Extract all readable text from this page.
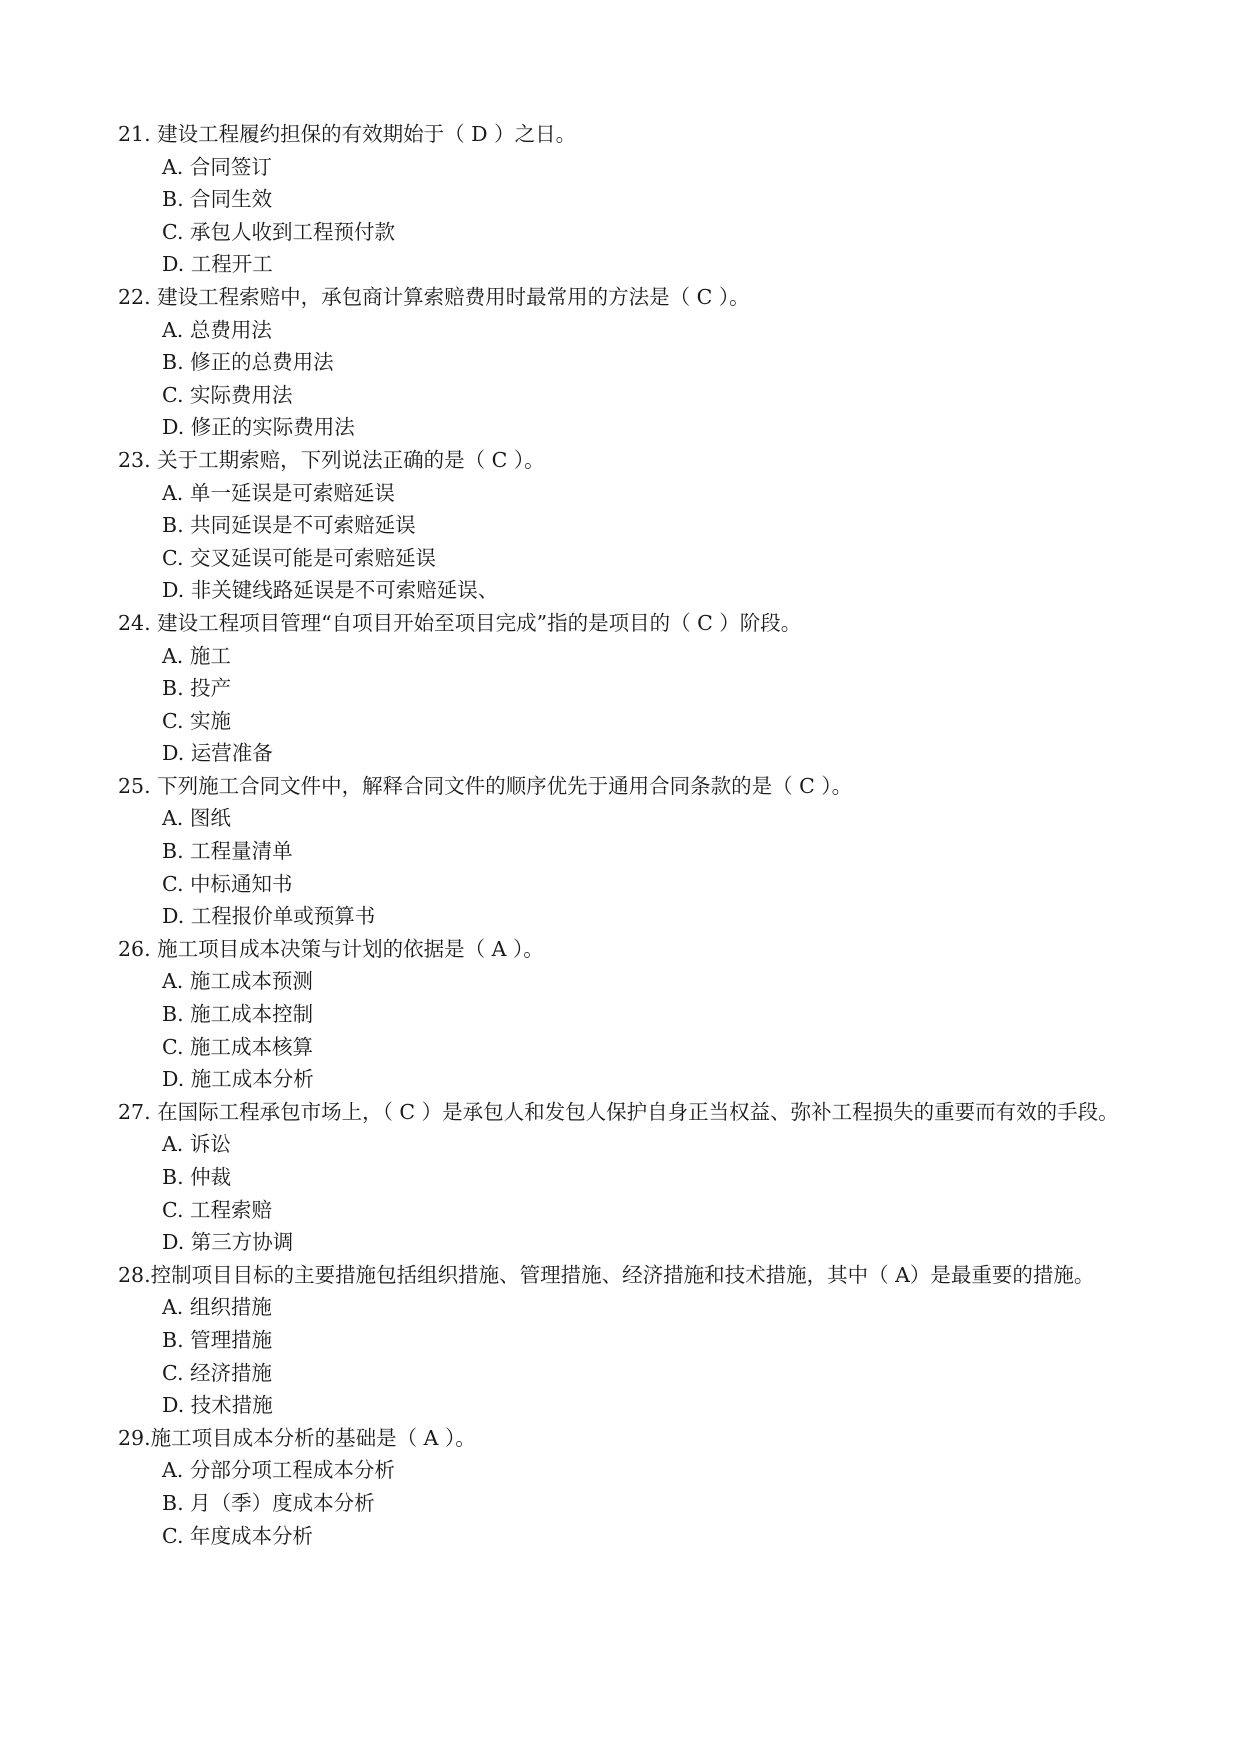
21. 建设工程履约担保的有效期始于（ D ）之日。

A. 合同签订

B. 合同生效

C. 承包人收到工程预付款

D. 工程开工

22. 建设工程索赔中，承包商计算索赔费用时最常用的方法是（ C ）。

A. 总费用法

B. 修正的总费用法

C. 实际费用法

D. 修正的实际费用法

23. 关于工期索赔，下列说法正确的是（ C ）。

A. 单一延误是可索赔延误

B. 共同延误是不可索赔延误

C. 交叉延误可能是可索赔延误

D. 非关键线路延误是不可索赔延误、

24. 建设工程项目管理“自项目开始至项目完成”指的是项目的（ C ）阶段。

A. 施工

B. 投产

C. 实施

D. 运营准备

25. 下列施工合同文件中，解释合同文件的顺序优先于通用合同条款的是（ C ）。

A. 图纸

B. 工程量清单

C. 中标通知书

D. 工程报价单或预算书

26. 施工项目成本决策与计划的依据是（ A ）。

A. 施工成本预测

B. 施工成本控制

C. 施工成本核算

D. 施工成本分析

27. 在国际工程承包市场上，（ C ）是承包人和发包人保护自身正当权益、弥补工程损失的重要而有效的手段。

A. 诉讼

B. 仲裁

C. 工程索赔

D. 第三方协调

28.控制项目目标的主要措施包括组织措施、管理措施、经济措施和技术措施，其中（ A）是最重要的措施。

A. 组织措施

B. 管理措施

C. 经济措施

D. 技术措施

29.施工项目成本分析的基础是（ A ）。

A. 分部分项工程成本分析

B. 月（季）度成本分析

C. 年度成本分析
